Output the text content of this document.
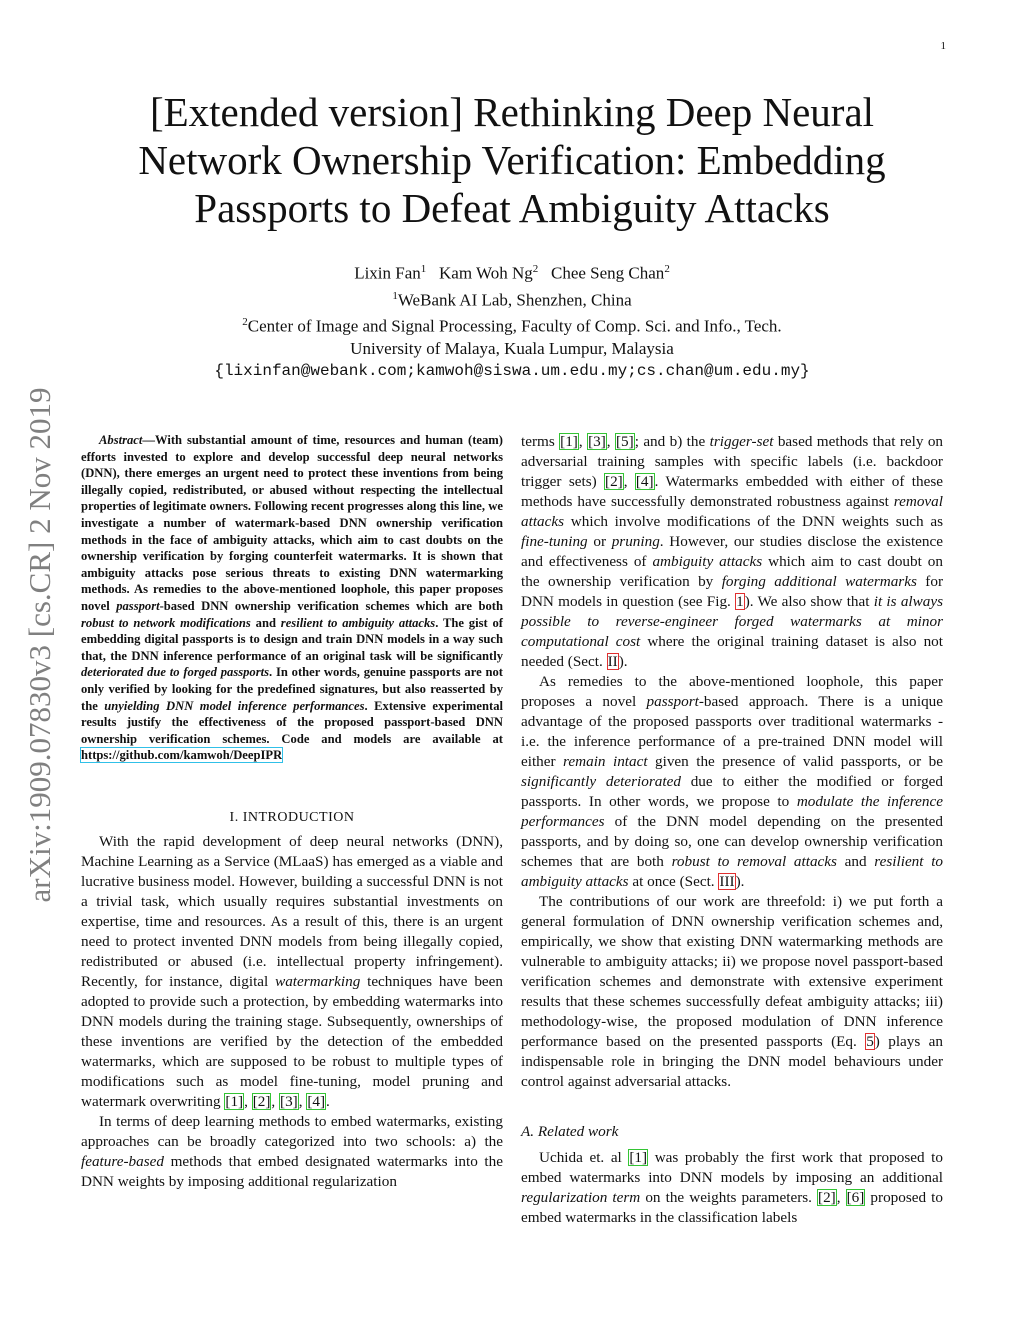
1
arXiv:1909.07830v3 [cs.CR] 2 Nov 2019
[Extended version] Rethinking Deep Neural
Network Ownership Verification: Embedding
Passports to Defeat Ambiguity Attacks
Lixin Fan$^1$ Kam Woh Ng$^2$ Chee Seng Chan$^2$
$^1$WeBank AI Lab, Shenzhen, China
$^2$Center of Image and Signal Processing, Faculty of Comp. Sci. and Info., Tech.
University of Malaya, Kuala Lumpur, Malaysia
{lixinfan@webank.com;kamwoh@siswa.um.edu.my;cs.chan@um.edu.my}

Abstract—With substantial amount of time, resources and human (team) efforts invested to explore and develop successful deep neural networks (DNN), there emerges an urgent need to protect these inventions from being illegally copied, redistributed, or abused without respecting the intellectual properties of legitimate owners. Following recent progresses along this line, we investigate a number of watermark-based DNN ownership verification methods in the face of ambiguity attacks, which aim to cast doubts on the ownership verification by forging counterfeit watermarks. It is shown that ambiguity attacks pose serious threats to existing DNN watermarking methods. As remedies to the above-mentioned loophole, this paper proposes novel passport-based DNN ownership verification schemes which are both robust to network modifications and resilient to ambiguity attacks. The gist of embedding digital passports is to design and train DNN models in a way such that, the DNN inference performance of an original task will be significantly deteriorated due to forged passports. In other words, genuine passports are not only verified by looking for the predefined signatures, but also reasserted by the unyielding DNN model inference performances. Extensive experimental results justify the effectiveness of the proposed passport-based DNN ownership verification schemes. Code and models are available at https://github.com/kamwoh/DeepIPR

I. INTRODUCTION

With the rapid development of deep neural networks (DNN), Machine Learning as a Service (MLaaS) has emerged as a viable and lucrative business model. However, building a successful DNN is not a trivial task, which usually requires substantial investments on expertise, time and resources. As a result of this, there is an urgent need to protect invented DNN models from being illegally copied, redistributed or abused (i.e. intellectual property infringement). Recently, for instance, digital watermarking techniques have been adopted to provide such a protection, by embedding watermarks into DNN models during the training stage. Subsequently, ownerships of these inventions are verified by the detection of the embedded watermarks, which are supposed to be robust to multiple types of modifications such as model fine-tuning, model pruning and watermark overwriting [1], [2], [3], [4].

In terms of deep learning methods to embed watermarks, existing approaches can be broadly categorized into two schools: a) the feature-based methods that embed designated watermarks into the DNN weights by imposing additional regularization

terms [1], [3], [5]; and b) the trigger-set based methods that rely on adversarial training samples with specific labels (i.e. backdoor trigger sets) [2], [4]. Watermarks embedded with either of these methods have successfully demonstrated robustness against removal attacks which involve modifications of the DNN weights such as fine-tuning or pruning. However, our studies disclose the existence and effectiveness of ambiguity attacks which aim to cast doubt on the ownership verification by forging additional watermarks for DNN models in question (see Fig. 1). We also show that it is always possible to reverse-engineer forged watermarks at minor computational cost where the original training dataset is also not needed (Sect. II).

As remedies to the above-mentioned loophole, this paper proposes a novel passport-based approach. There is a unique advantage of the proposed passports over traditional watermarks - i.e. the inference performance of a pre-trained DNN model will either remain intact given the presence of valid passports, or be significantly deteriorated due to either the modified or forged passports. In other words, we propose to modulate the inference performances of the DNN model depending on the presented passports, and by doing so, one can develop ownership verification schemes that are both robust to removal attacks and resilient to ambiguity attacks at once (Sect. III).

The contributions of our work are threefold: i) we put forth a general formulation of DNN ownership verification schemes and, empirically, we show that existing DNN watermarking methods are vulnerable to ambiguity attacks; ii) we propose novel passport-based verification schemes and demonstrate with extensive experiment results that these schemes successfully defeat ambiguity attacks; iii) methodology-wise, the proposed modulation of DNN inference performance based on the presented passports (Eq. 5) plays an indispensable role in bringing the DNN model behaviours under control against adversarial attacks.

A. Related work

Uchida et. al [1] was probably the first work that proposed to embed watermarks into DNN models by imposing an additional regularization term on the weights parameters. [2], [6] proposed to embed watermarks in the classification labels
